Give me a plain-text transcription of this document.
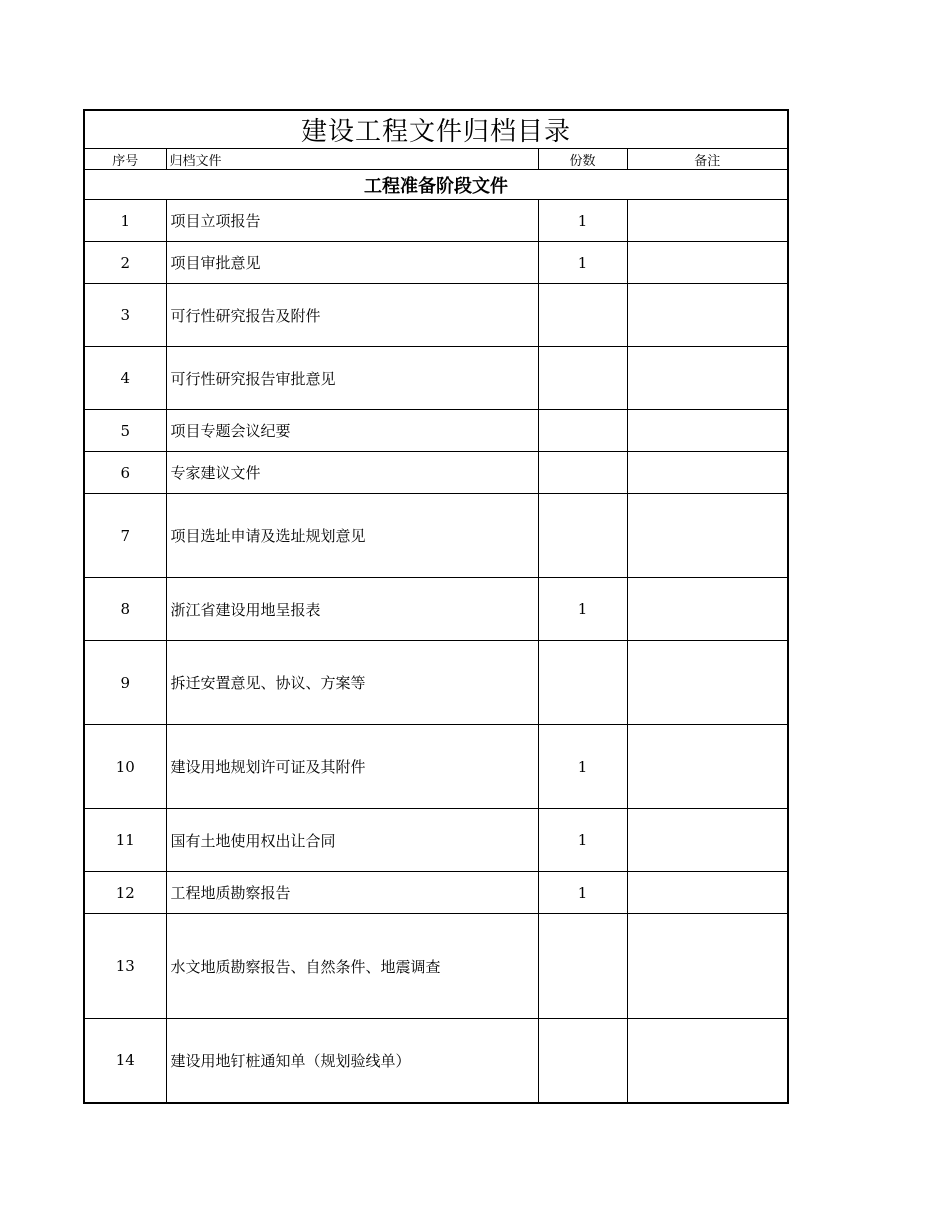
建设工程文件归档目录			
序号	归档文件	份数	备注
工程准备阶段文件			
1	项目立项报告	1	
2	项目审批意见	1	
3	可行性研究报告及附件		
4	可行性研究报告审批意见		
5	项目专题会议纪要		
6	专家建议文件		
7	项目选址申请及选址规划意见		
8	浙江省建设用地呈报表	1	
9	拆迁安置意见、协议、方案等		
10	建设用地规划许可证及其附件	1	
11	国有土地使用权出让合同	1	
12	工程地质勘察报告	1	
13	水文地质勘察报告、自然条件、地震调查		
14	建设用地钉桩通知单（规划验线单）		
